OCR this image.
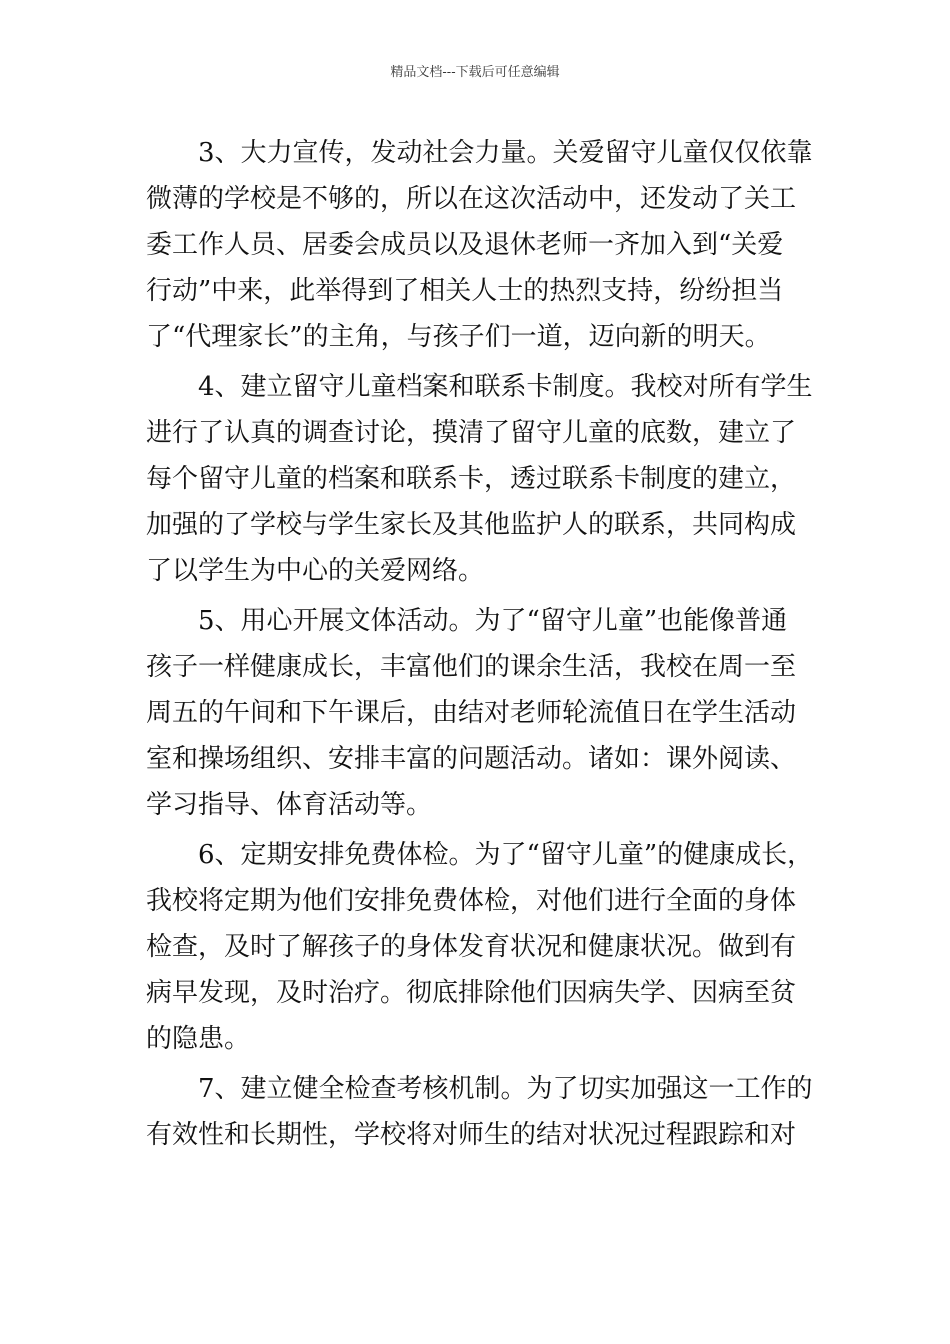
精品文档---下载后可任意编辑

3、大力宣传，发动社会力量。关爱留守儿童仅仅依靠
微薄的学校是不够的，所以在这次活动中，还发动了关工
委工作人员、居委会成员以及退休老师一齐加入到“关爱
行动”中来，此举得到了相关人士的热烈支持，纷纷担当
了“代理家长”的主角，与孩子们一道，迈向新的明天。

4、建立留守儿童档案和联系卡制度。我校对所有学生
进行了认真的调查讨论，摸清了留守儿童的底数，建立了
每个留守儿童的档案和联系卡，透过联系卡制度的建立，
加强的了学校与学生家长及其他监护人的联系，共同构成
了以学生为中心的关爱网络。

5、用心开展文体活动。为了“留守儿童”也能像普通
孩子一样健康成长，丰富他们的课余生活，我校在周一至
周五的午间和下午课后，由结对老师轮流值日在学生活动
室和操场组织、安排丰富的问题活动。诸如：课外阅读、
学习指导、体育活动等。

6、定期安排免费体检。为了“留守儿童”的健康成长，
我校将定期为他们安排免费体检，对他们进行全面的身体
检查，及时了解孩子的身体发育状况和健康状况。做到有
病早发现，及时治疗。彻底排除他们因病失学、因病至贫
的隐患。

7、建立健全检查考核机制。为了切实加强这一工作的
有效性和长期性，学校将对师生的结对状况过程跟踪和对
